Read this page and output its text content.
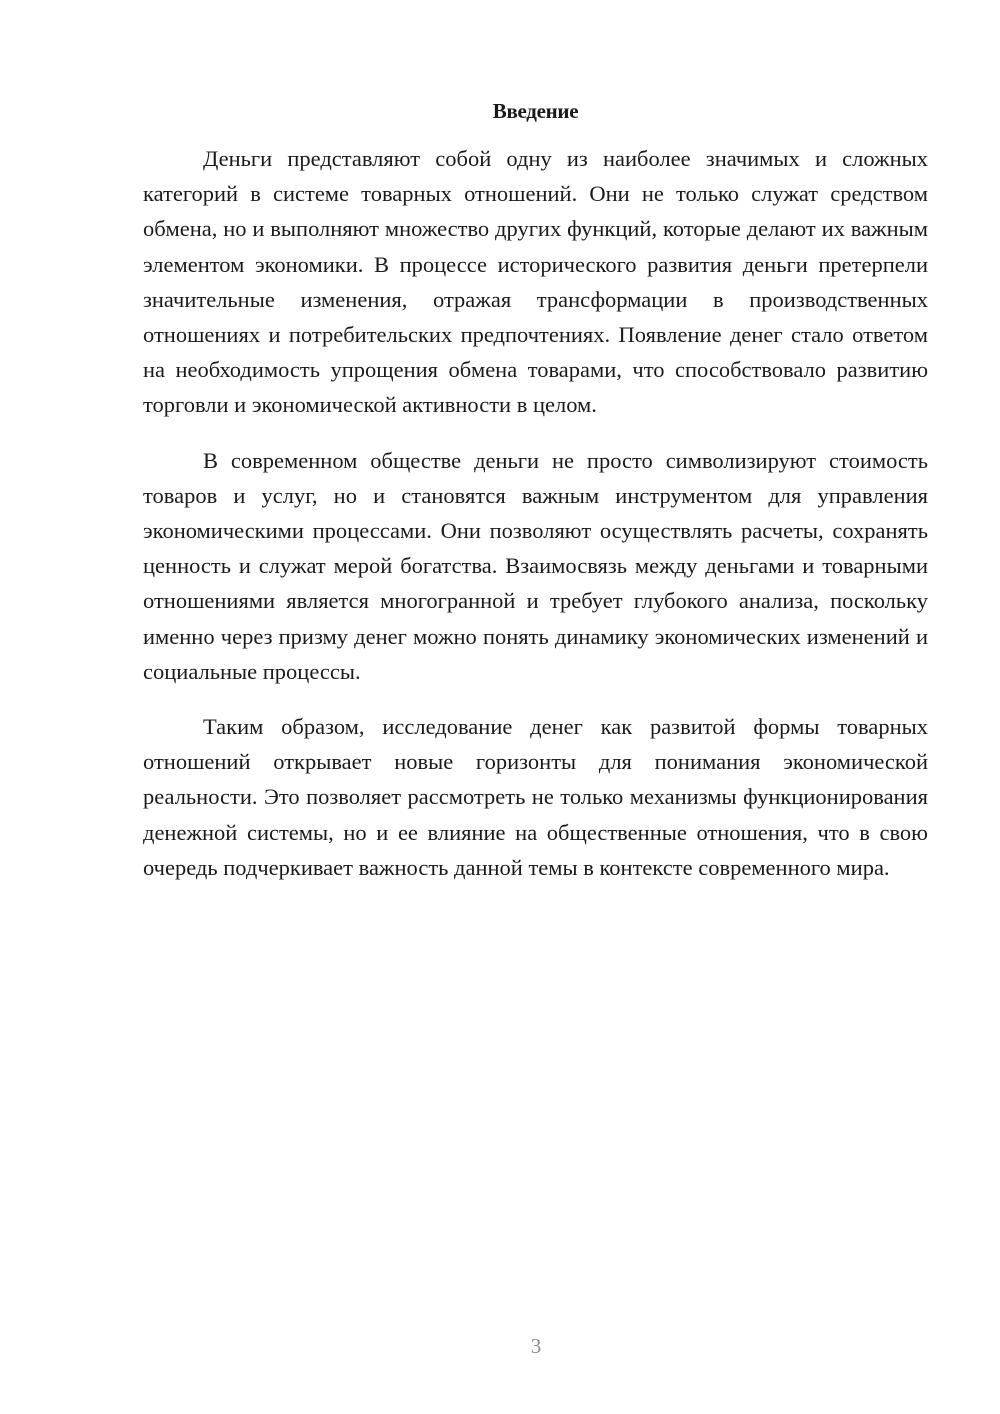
Введение

Деньги представляют собой одну из наиболее значимых и сложных категорий в системе товарных отношений. Они не только служат средством обмена, но и выполняют множество других функций, которые делают их важным элементом экономики. В процессе исторического развития деньги претерпели значительные изменения, отражая трансформации в производственных отношениях и потребительских предпочтениях. Появление денег стало ответом на необходимость упрощения обмена товарами, что способствовало развитию торговли и экономической активности в целом.

В современном обществе деньги не просто символизируют стоимость товаров и услуг, но и становятся важным инструментом для управления экономическими процессами. Они позволяют осуществлять расчеты, сохранять ценность и служат мерой богатства. Взаимосвязь между деньгами и товарными отношениями является многогранной и требует глубокого анализа, поскольку именно через призму денег можно понять динамику экономических изменений и социальные процессы.

Таким образом, исследование денег как развитой формы товарных отношений открывает новые горизонты для понимания экономической реальности. Это позволяет рассмотреть не только механизмы функционирования денежной системы, но и ее влияние на общественные отношения, что в свою очередь подчеркивает важность данной темы в контексте современного мира.

3
